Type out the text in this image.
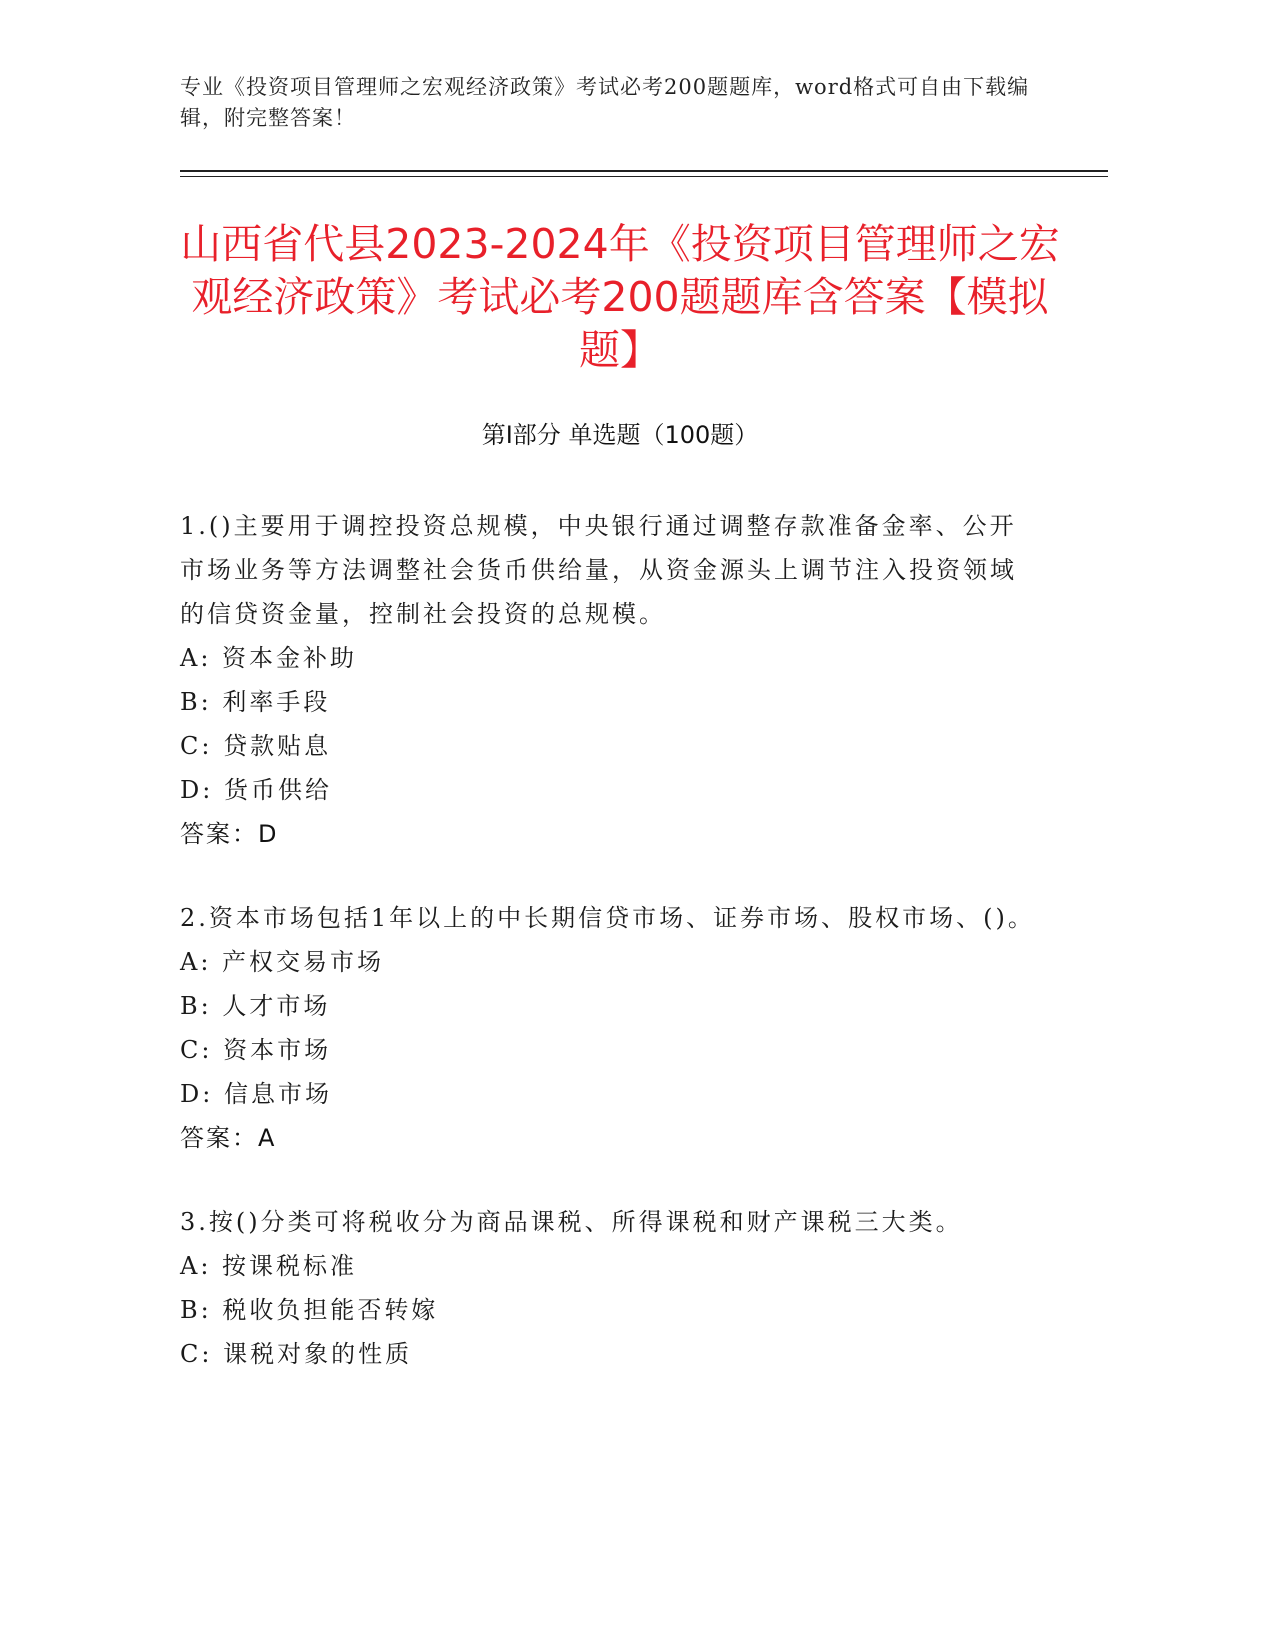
专业《投资项目管理师之宏观经济政策》考试必考200题题库，word格式可自由下载编辑，附完整答案！
山西省代县2023-2024年《投资项目管理师之宏观经济政策》考试必考200题题库含答案【模拟题】
第Ⅰ部分 单选题（100题）

1.()主要用于调控投资总规模，中央银行通过调整存款准备金率、公开市场业务等方法调整社会货币供给量，从资金源头上调节注入投资领域的信贷资金量，控制社会投资的总规模。

A: 资本金补助

B: 利率手段

C: 贷款贴息

D: 货币供给

答案：D

2.资本市场包括1年以上的中长期信贷市场、证券市场、股权市场、()。

A: 产权交易市场

B: 人才市场

C: 资本市场

D: 信息市场

答案：A

3.按()分类可将税收分为商品课税、所得课税和财产课税三大类。

A: 按课税标准

B: 税收负担能否转嫁

C: 课税对象的性质
